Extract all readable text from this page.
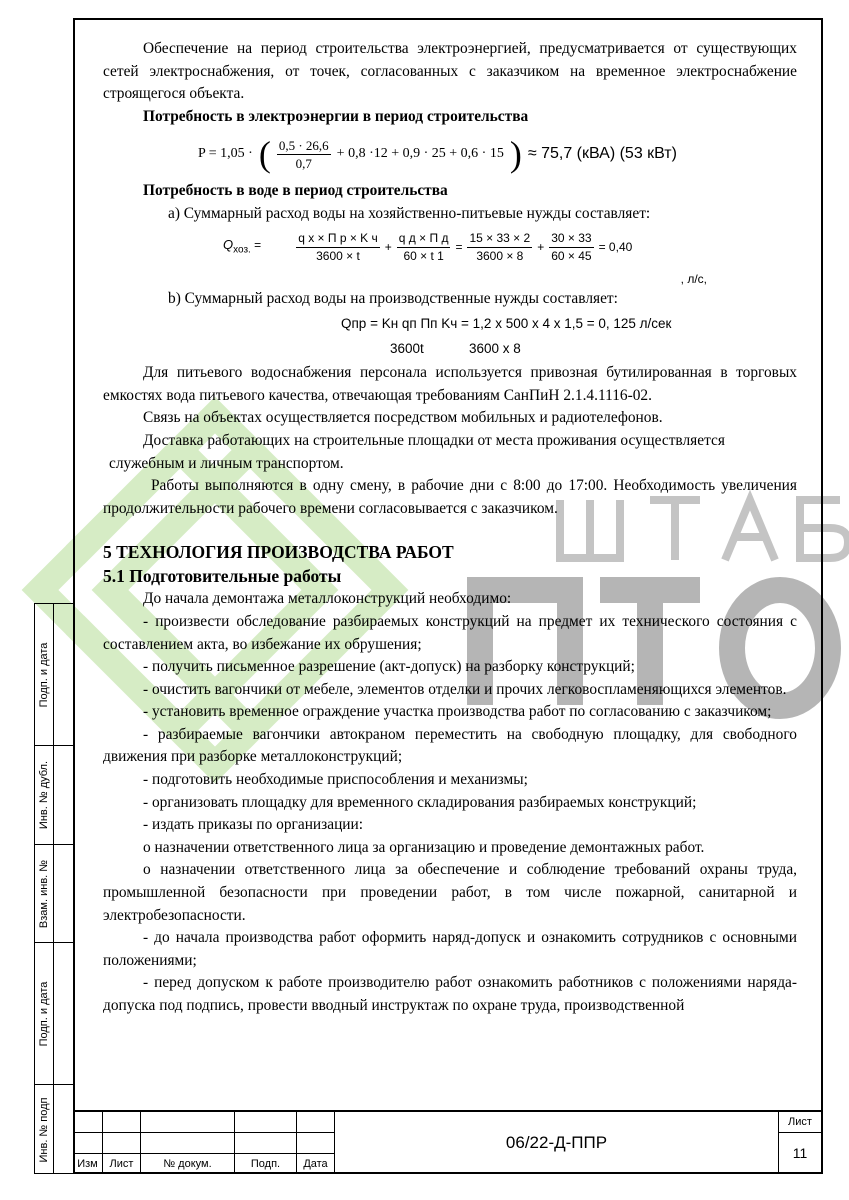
Обеспечение на период строительства электроэнергией, предусматривается от существующих сетей электроснабжения, от точек, согласованных с заказчиком на временное электроснабжение строящегося объекта.

Потребность в электроэнергии в период строительства

P = 1,05 · ( $\frac{0,5 \cdot 26,6}{0,7} + 0,8 \cdot 12 + 0,9 \cdot 25 + 0,6 \cdot 15$ ) ≈ 75,7 (кВА) (53 кВт)

Потребность в воде в период строительства

a) Суммарный расход воды на хозяйственно-питьевые нужды составляет:

$Q_{хоз.}$ =	$\frac{\text{q x × П p × K ч}}{3600 \times t} + \frac{\text{q д × П д}}{60 \times t 1} = \frac{15 \times 33 \times 2}{3600 \times 8} + \frac{30 \times 33}{60 \times 45} = 0,40$
, л/с,

b) Суммарный расход воды на производственные нужды составляет:

Qпр = Kн qп Пп Kч = 1,2 x 500 x 4 x 1,5 = 0, 125 л/сек
3600t	3600 x 8

Для питьевого водоснабжения персонала используется привозная бутилированная в торговых емкостях вода питьевого качества, отвечающая требованиям СанПиН 2.1.4.1116-02.

Связь на объектах осуществляется посредством мобильных и радиотелефонов.

Доставка работающих на строительные площадки от места проживания осуществляется

служебным и личным транспортом.

Работы выполняются в одну смену, в рабочие дни с 8:00 до 17:00. Необходимость увеличения продолжительности рабочего времени согласовывается с заказчиком.

5 ТЕХНОЛОГИЯ ПРОИЗВОДСТВА РАБОТ
5.1 Подготовительные работы

До начала демонтажа металлоконструкций необходимо:

- произвести обследование разбираемых конструкций на предмет их технического состояния с составлением акта, во избежание их обрушения;

- получить письменное разрешение (акт-допуск) на разборку конструкций;

- очистить вагончики от мебеле, элементов отделки и прочих легковоспламеняющихся элементов.

- установить временное ограждение участка производства работ по согласованию с заказчиком;

- разбираемые вагончики автокраном переместить на свободную площадку, для свободного движения при разборке металлоконструкций;

- подготовить необходимые приспособления и механизмы;

- организовать площадку для временного складирования разбираемых конструкций;

- издать приказы по организации:

о назначении ответственного лица за организацию и проведение демонтажных работ.

о назначении ответственного лица за обеспечение и соблюдение требований охраны труда, промышленной безопасности при проведении работ, в том числе пожарной, санитарной и электробезопасности.

- до начала производства работ оформить наряд-допуск и ознакомить сотрудников с основными положениями;

- перед допуском к работе производителю работ ознакомить работников с положениями наряда-допуска под подпись, провести вводный инструктаж по охране труда, производственной

Подп. и дата
Инв. № дубл.
Взам. инв. №
Подп. и дата
Инв. № подп
Изм	Лист	№ докум.	Подп.	Дата
06/22-Д-ППР
Лист
11
